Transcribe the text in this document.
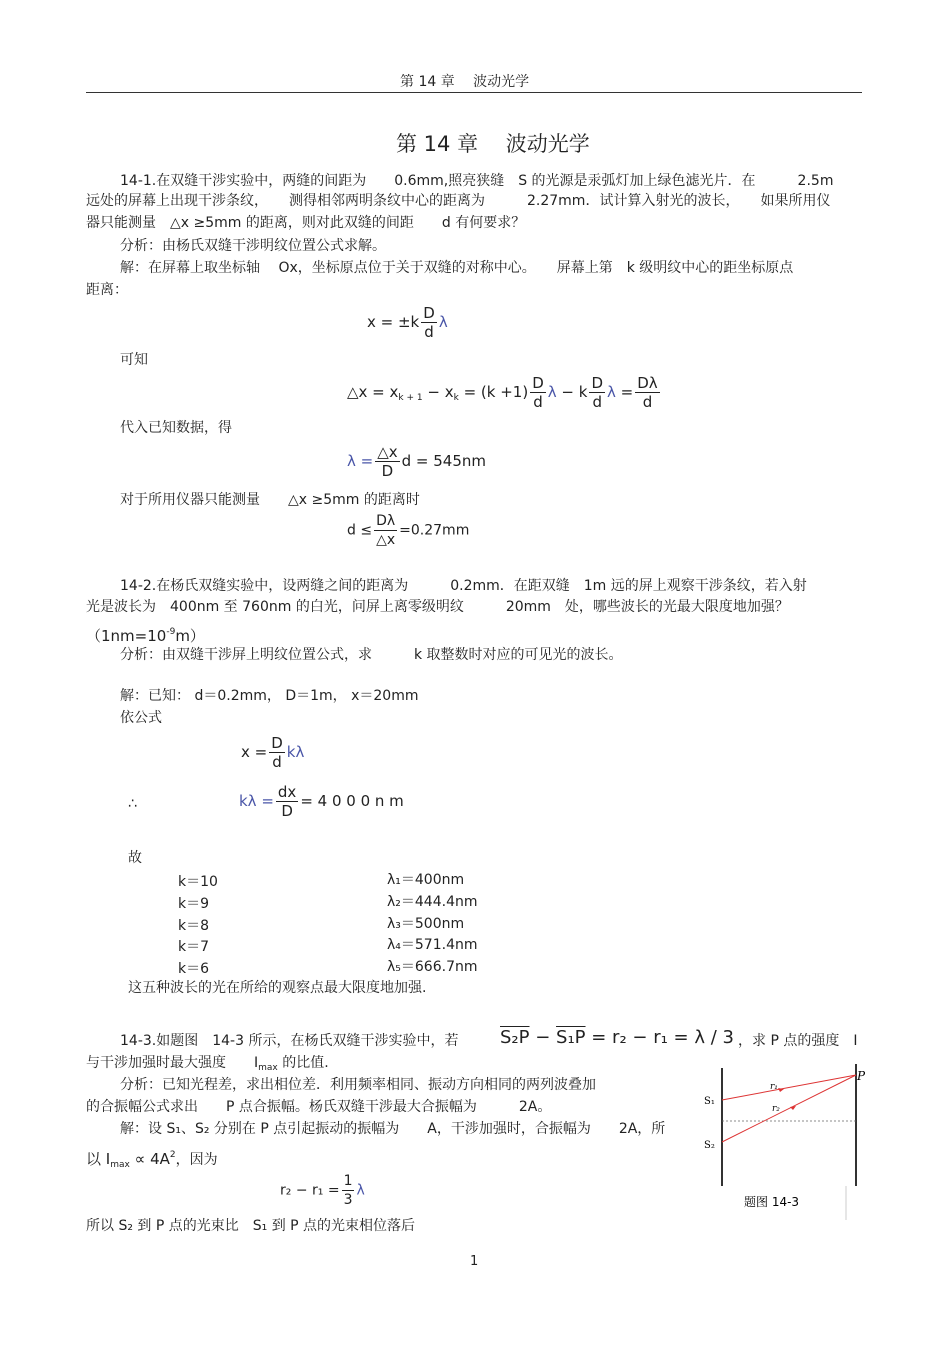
第 14 章　 波动光学
第 14 章　 波动光学
14-1.在双缝干涉实验中，两缝的间距为　　0.6mm,照亮狭缝　S 的光源是汞弧灯加上绿色滤光片．在　　　2.5m
远处的屏幕上出现干涉条纹，　　测得相邻两明条纹中心的距离为　　　2.27mm．试计算入射光的波长，　　如果所用仪
器只能测量　△x ≥5mm 的距离，则对此双缝的间距　　d 有何要求？
分析：由杨氏双缝干涉明纹位置公式求解。
解：在屏幕上取坐标轴　 Ox，坐标原点位于关于双缝的对称中心。　　屏幕上第　k 级明纹中心的距坐标原点
距离：
$x = \pm k \frac{D}{d}$ λ
可知
△x = $x_{k + 1} - x_k = (k +1) \frac{D}{d}$ λ − k $\frac{D}{d}$ $\lambda = \frac{D\lambda}{d}$
代入已知数据，得
$\lambda = \frac{\triangle x}{D}$ d = 545nm
对于所用仪器只能测量　　△x ≥5mm 的距离时
$d \le \frac{D\lambda}{\triangle x} =0.27mm$
14-2.在杨氏双缝实验中，设两缝之间的距离为　　　0.2mm．在距双缝　1m 远的屏上观察干涉条纹，若入射
光是波长为　400nm 至 760nm 的白光，问屏上离零级明纹　　　20mm　处，哪些波长的光最大限度地加强？
$(1nm=10^{-9}m)$
分析：由双缝干涉屏上明纹位置公式，求　　　k 取整数时对应的可见光的波长。
解：已知： d＝0.2mm， D＝1m， x＝20mm
依公式
$x = \frac{D}{d}$ kλ
∴	$k\lambda = \frac{dx}{D} = 4$ 0 0 0 n m
故
k＝10	λ₁＝400nm
k＝9	λ₂＝444.4nm
k＝8	λ₃＝500nm
k＝7	λ₄＝571.4nm
k＝6	λ₅＝666.7nm
这五种波长的光在所给的观察点最大限度地加强.
14-3.如题图　14-3 所示，在杨氏双缝干涉实验中，若 S₂P − S₁P = r₂ − r₁ = λ / 3 ，求 P 点的强度　I
与干涉加强时最大强度　　$I_{max}$ 的比值.
分析：已知光程差，求出相位差．利用频率相同、振动方向相同的两列波叠加
的合振幅公式求出　　P 点合振幅。杨氏双缝干涉最大合振幅为　　　2A。
解：设 S₁、S₂ 分别在 P 点引起振动的振幅为　　A，干涉加强时，合振幅为　　2A，所
以 $I_{max} \propto 4A^2$，因为
$r_2 - r_1 = \frac{1}{3}$ λ
所以 S₂ 到 P 点的光束比　S₁ 到 P 点的光束相位落后
P
S₁
S₂
r₁
r₂
题图 14-3
1
